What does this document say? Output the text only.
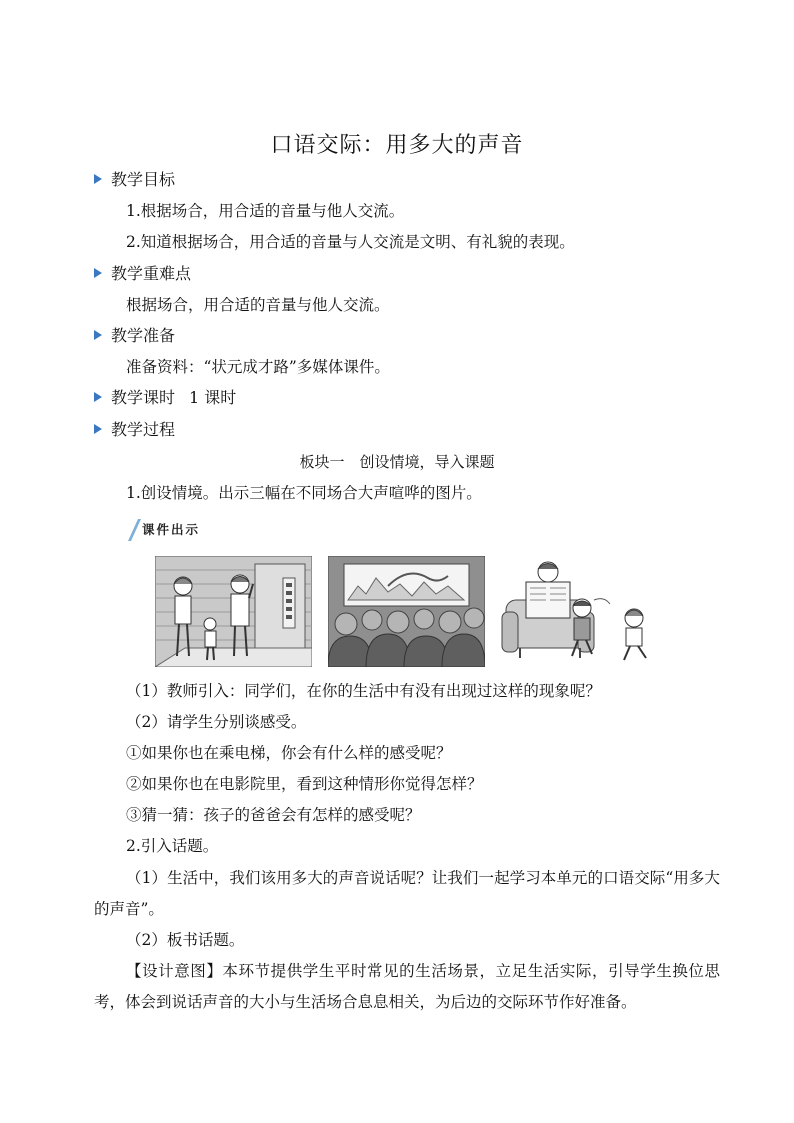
口语交际：用多大的声音
教学目标
1.根据场合，用合适的音量与他人交流。
2.知道根据场合，用合适的音量与人交流是文明、有礼貌的表现。
教学重难点
根据场合，用合适的音量与他人交流。
教学准备
准备资料：“状元成才路”多媒体课件。
教学课时 1 课时
教学过程
板块一　创设情境，导入课题
1.创设情境。出示三幅在不同场合大声喧哗的图片。
课件出示
（1）教师引入：同学们，在你的生活中有没有出现过这样的现象呢？
（2）请学生分别谈感受。
①如果你也在乘电梯，你会有什么样的感受呢？
②如果你也在电影院里，看到这种情形你觉得怎样？
③猜一猜：孩子的爸爸会有怎样的感受呢？
2.引入话题。
（1）生活中，我们该用多大的声音说话呢？让我们一起学习本单元的口语交际“用多大的声音”。
（2）板书话题。
【设计意图】本环节提供学生平时常见的生活场景，立足生活实际，引导学生换位思考，体会到说话声音的大小与生活场合息息相关，为后边的交际环节作好准备。
